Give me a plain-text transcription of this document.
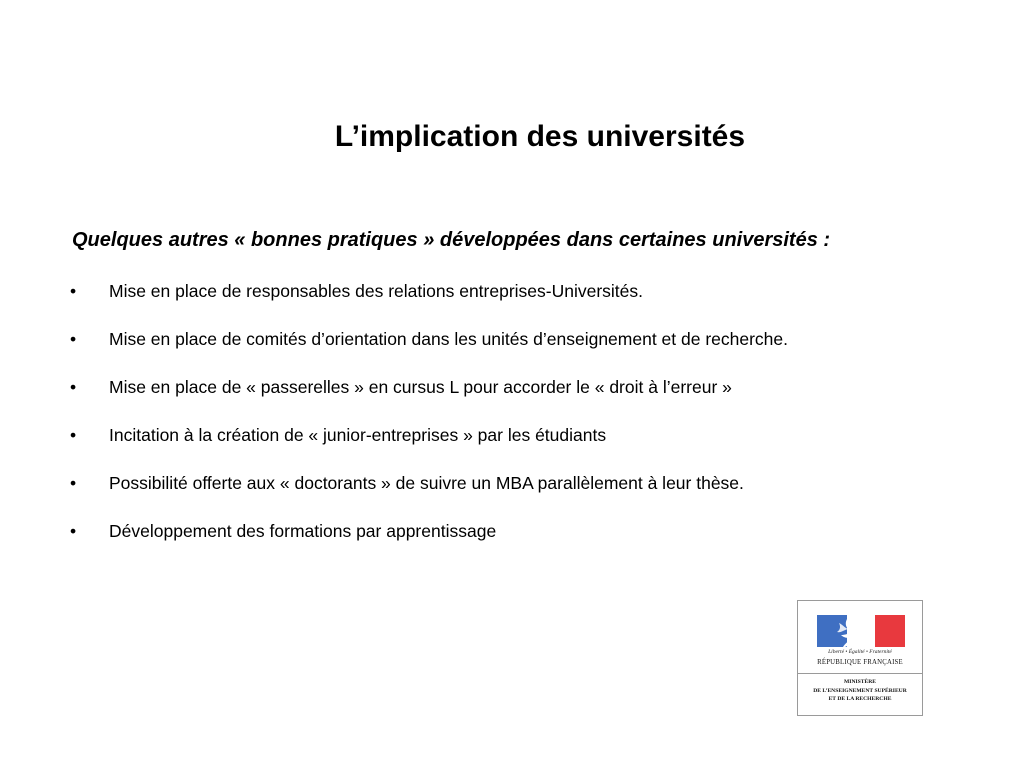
L’implication des universités
Quelques autres « bonnes pratiques » développées dans certaines universités :
•	Mise en place de responsables des relations entreprises-Universités.
•	Mise en place de comités d’orientation dans les unités d’enseignement et de recherche.
•	Mise en place de « passerelles » en cursus L pour accorder le « droit à l’erreur »
•	Incitation à la création de « junior-entreprises » par les étudiants
•	Possibilité offerte aux « doctorants » de suivre un MBA parallèlement à leur thèse.
•	Développement des formations par apprentissage
Liberté • Égalité • Fraternité
RÉPUBLIQUE FRANÇAISE
MINISTÈRE
DE L’ENSEIGNEMENT SUPÉRIEUR
ET DE LA RECHERCHE
